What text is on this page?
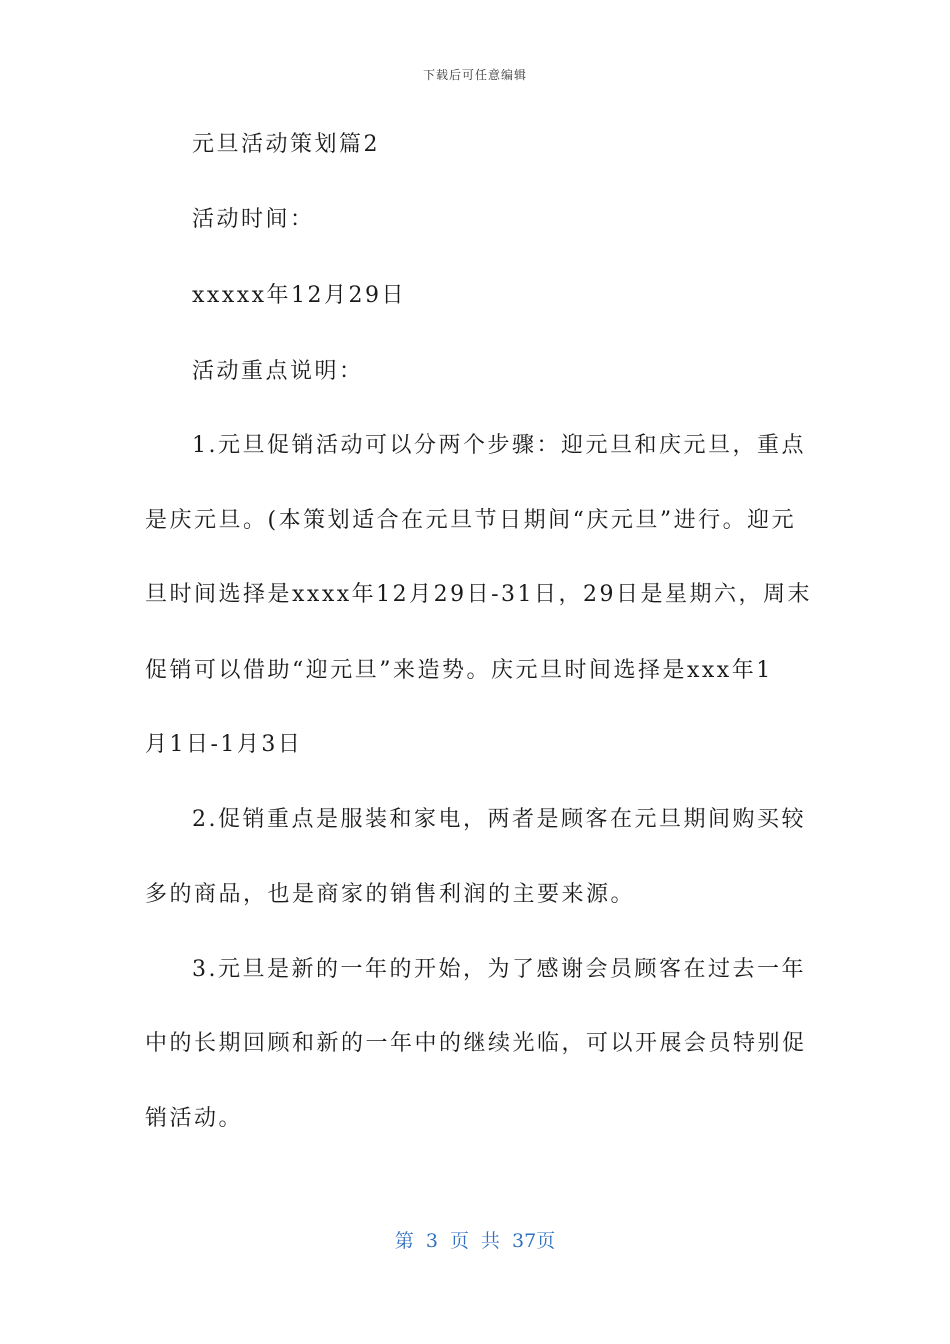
下载后可任意编辑
元旦活动策划篇2
活动时间：
xxxxx年12月29日
活动重点说明：
1.元旦促销活动可以分两个步骤：迎元旦和庆元旦，重点
是庆元旦。(本策划适合在元旦节日期间“庆元旦”进行。迎元
旦时间选择是xxxx年12月29日-31日，29日是星期六，周末
促销可以借助“迎元旦”来造势。庆元旦时间选择是xxx年1
月1日-1月3日
2.促销重点是服装和家电，两者是顾客在元旦期间购买较
多的商品，也是商家的销售利润的主要来源。
3.元旦是新的一年的开始，为了感谢会员顾客在过去一年
中的长期回顾和新的一年中的继续光临，可以开展会员特别促
销活动。
第 3 页 共 37页
